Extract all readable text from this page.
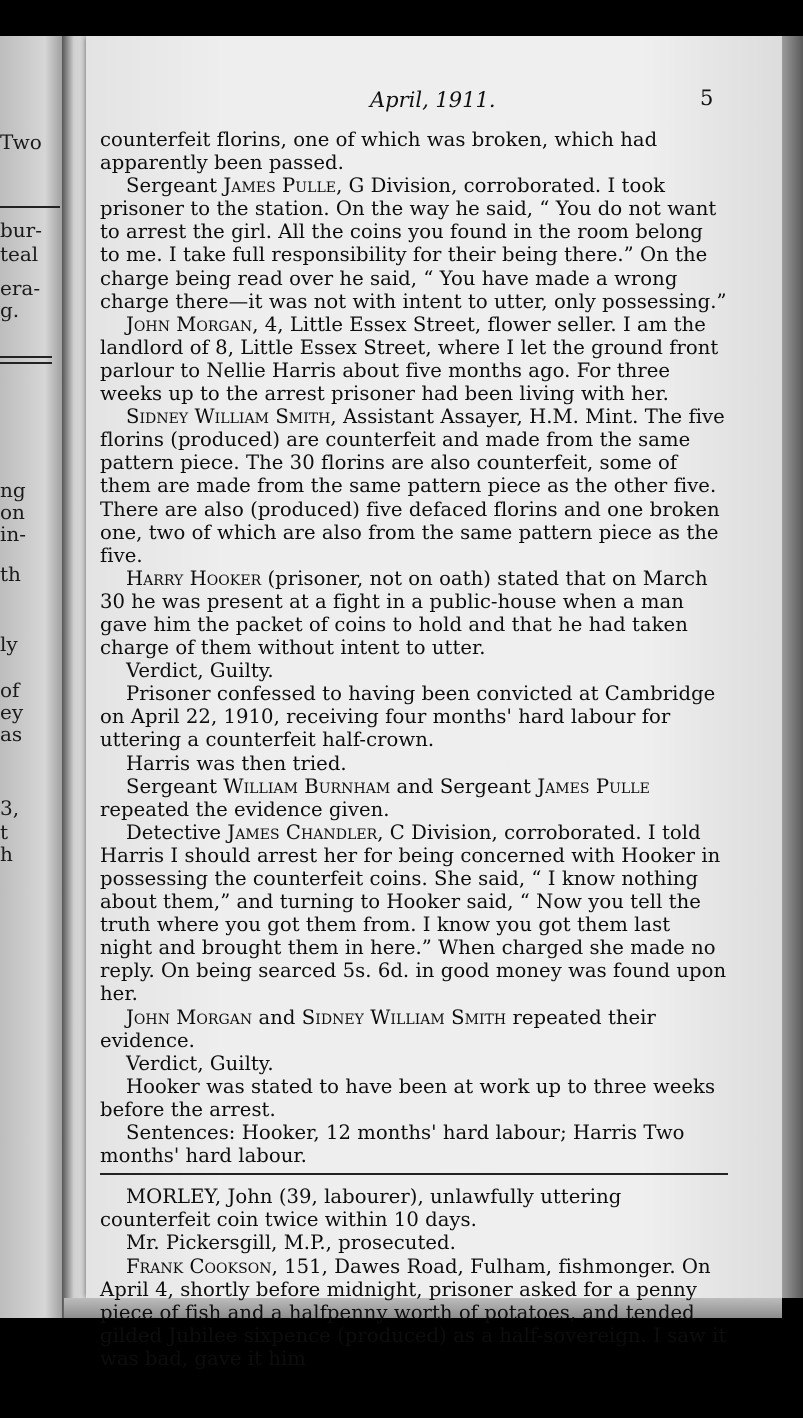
Two
bur-
teal
era-
g.
ng
on
in-
th
ly
of
ey
as
3,
t
h
April, 1911.	5

counterfeit florins, one of which was broken, which had apparently been passed.

Sergeant James Pulle, G Division, corroborated. I took prisoner to the station. On the way he said, “ You do not want to arrest the girl. All the coins you found in the room belong to me. I take full responsibility for their being there.” On the charge being read over he said, “ You have made a wrong charge there—it was not with intent to utter, only possessing.”

John Morgan, 4, Little Essex Street, flower seller. I am the landlord of 8, Little Essex Street, where I let the ground front parlour to Nellie Harris about five months ago. For three weeks up to the arrest prisoner had been living with her.

Sidney William Smith, Assistant Assayer, H.M. Mint. The five florins (produced) are counterfeit and made from the same pattern piece. The 30 florins are also counterfeit, some of them are made from the same pattern piece as the other five. There are also (produced) five defaced florins and one broken one, two of which are also from the same pattern piece as the five.

Harry Hooker (prisoner, not on oath) stated that on March 30 he was present at a fight in a public-house when a man gave him the packet of coins to hold and that he had taken charge of them without intent to utter.

Verdict, Guilty.

Prisoner confessed to having been convicted at Cambridge on April 22, 1910, receiving four months' hard labour for uttering a counterfeit half-crown.

Harris was then tried.

Sergeant William Burnham and Sergeant James Pulle repeated the evidence given.

Detective James Chandler, C Division, corroborated. I told Harris I should arrest her for being concerned with Hooker in possessing the counterfeit coins. She said, “ I know nothing about them,” and turning to Hooker said, “ Now you tell the truth where you got them from. I know you got them last night and brought them in here.” When charged she made no reply. On being searced 5s. 6d. in good money was found upon her.

John Morgan and Sidney William Smith repeated their evidence.

Verdict, Guilty.

Hooker was stated to have been at work up to three weeks before the arrest.

Sentences: Hooker, 12 months' hard labour; Harris Two months' hard labour.

MORLEY, John (39, labourer), unlawfully uttering counterfeit coin twice within 10 days.

Mr. Pickersgill, M.P., prosecuted.

Frank Cookson, 151, Dawes Road, Fulham, fishmonger. On April 4, shortly before midnight, prisoner asked for a penny piece of fish and a halfpenny worth of potatoes, and tended gilded Jubilee sixpence (produced) as a half-sovereign. I saw it was bad, gave it him
